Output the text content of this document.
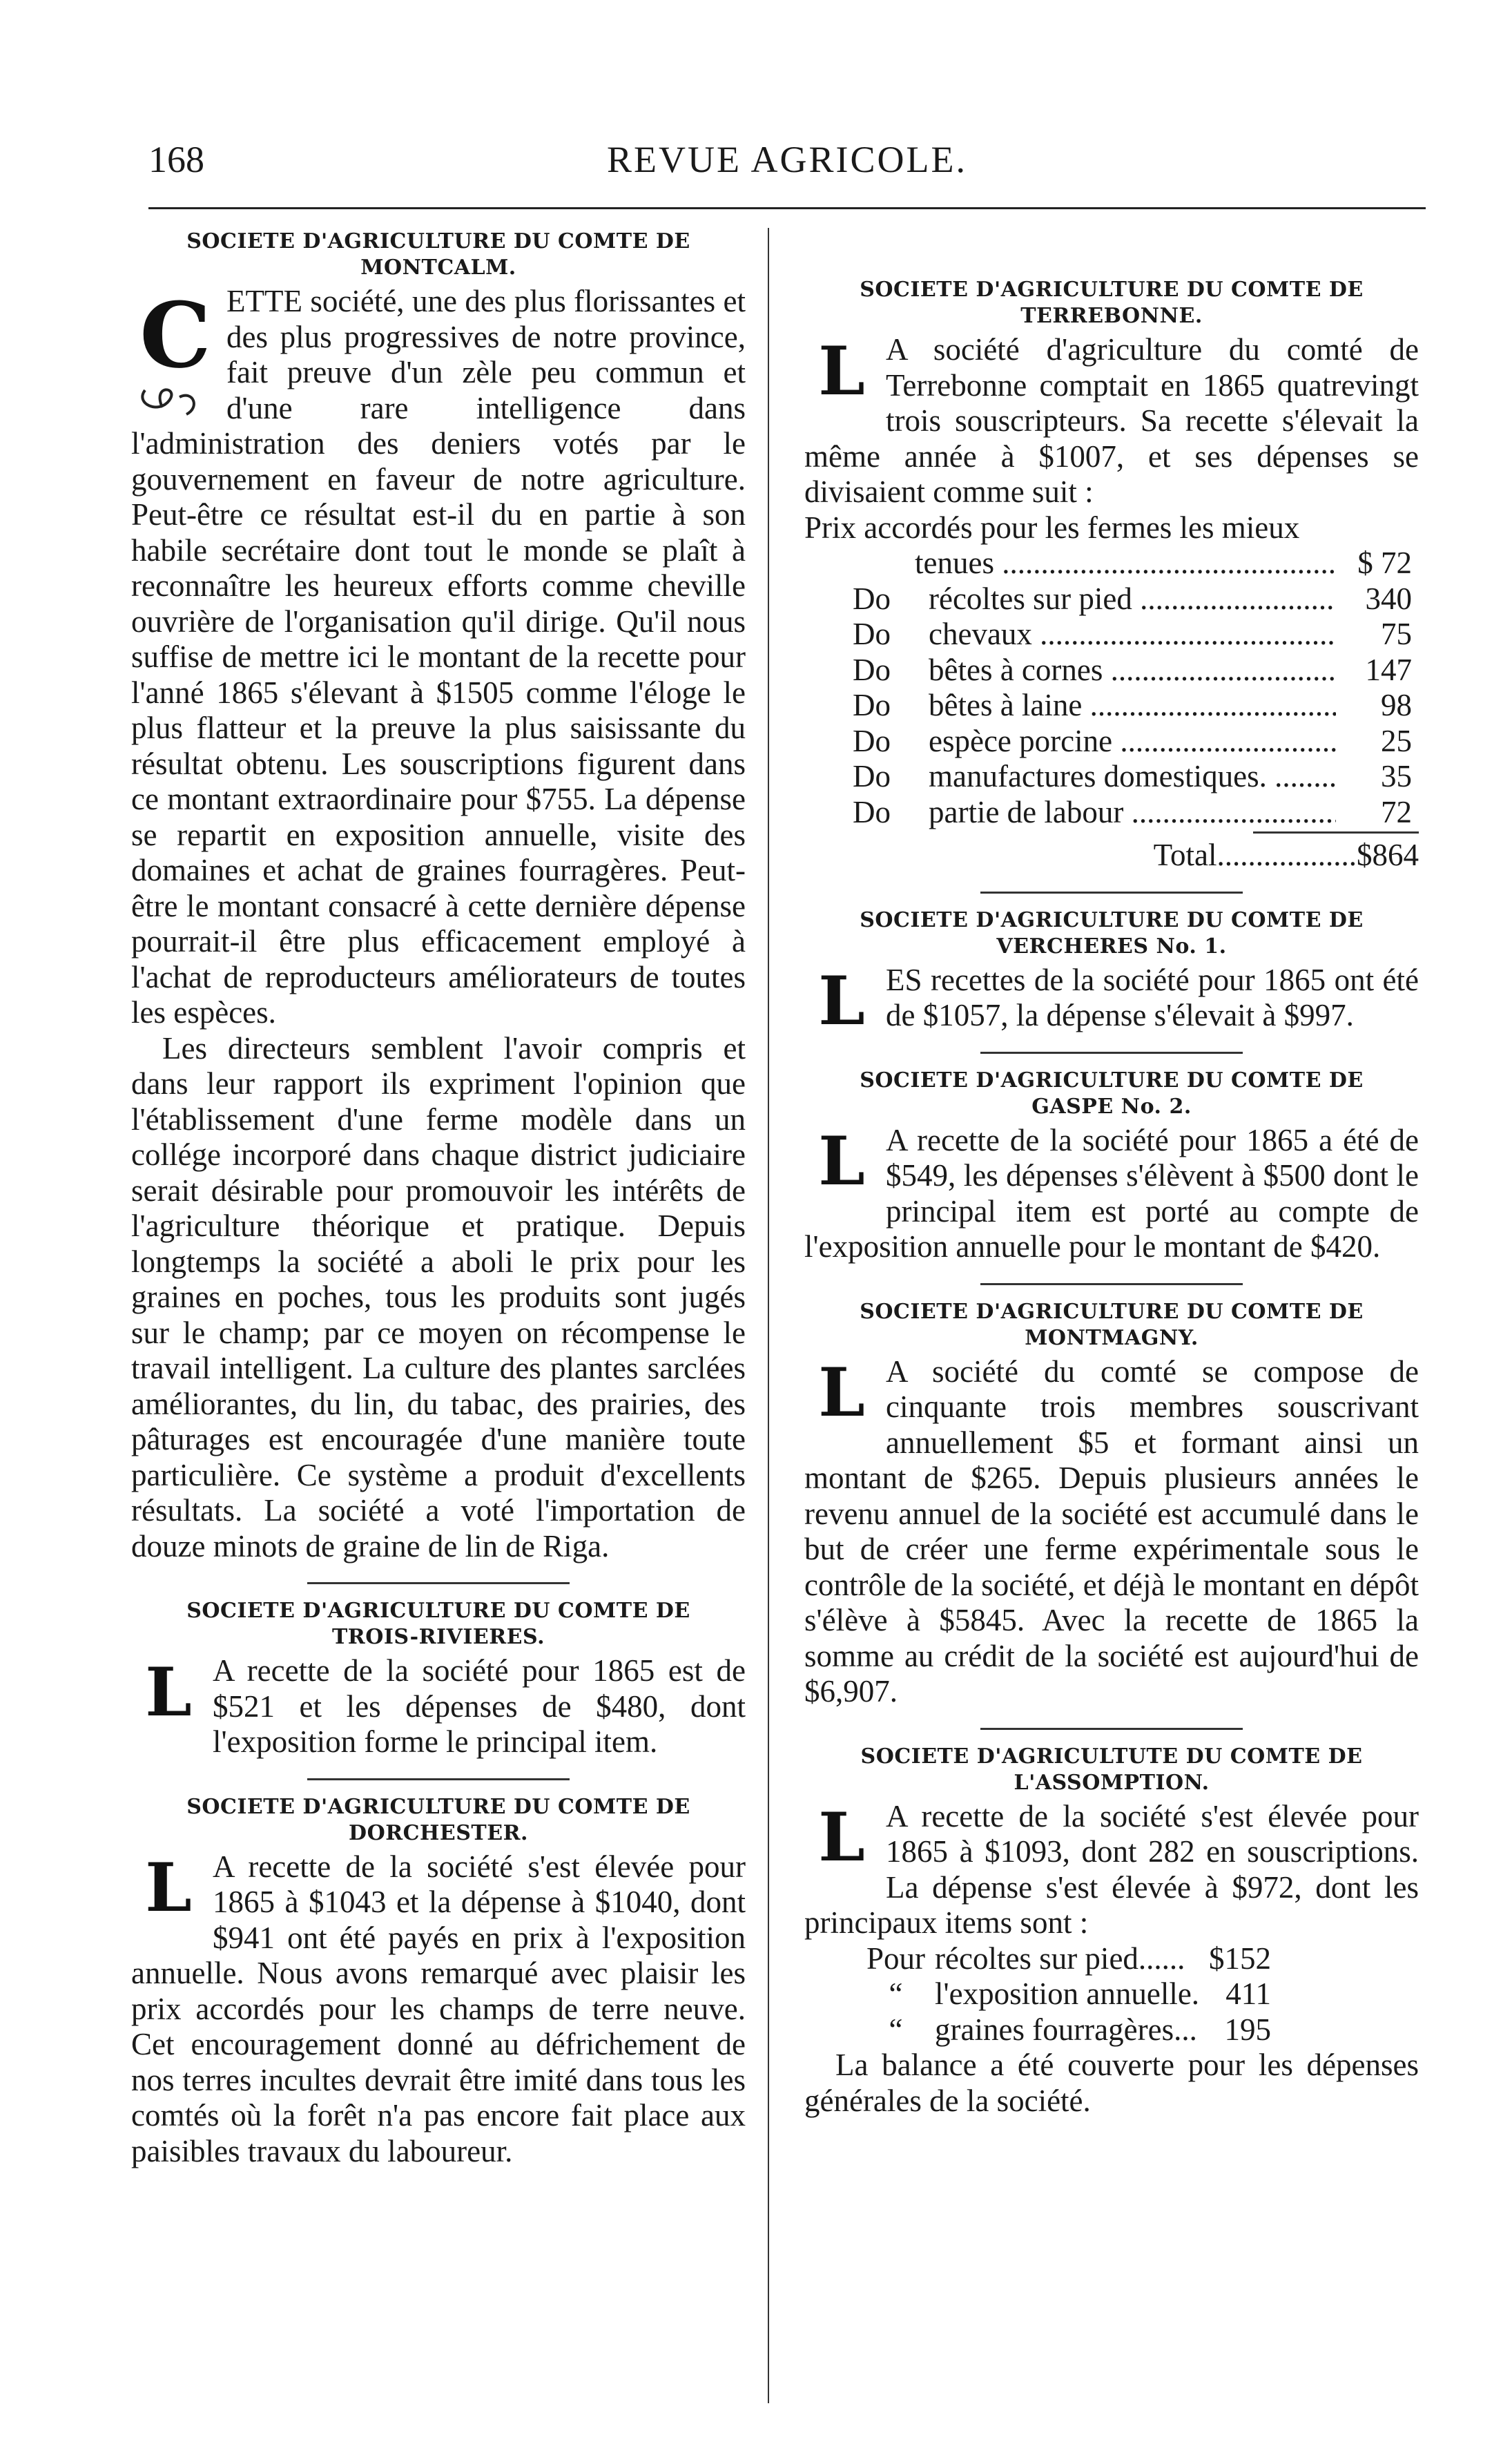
168	REVUE AGRICOLE.
SOCIETE D'AGRICULTURE DU COMTE DE
MONTCALM.
C ETTE société, une des plus florissantes et des plus progressives de notre province, fait preuve d'un zèle peu commun et d'une rare intelligence dans l'administration des deniers votés par le gouvernement en faveur de notre agriculture. Peut-être ce résultat est-il du en partie à son habile secrétaire dont tout le monde se plaît à reconnaître les heureux efforts comme cheville ouvrière de l'organisation qu'il dirige. Qu'il nous suffise de mettre ici le montant de la recette pour l'anné 1865 s'élevant à $1505 comme l'éloge le plus flatteur et la preuve la plus saisissante du résultat obtenu. Les souscriptions figurent dans ce montant extraordinaire pour $755. La dépense se repartit en exposition annuelle, visite des domaines et achat de graines fourragères. Peut-être le montant consacré à cette dernière dépense pourrait-il être plus efficacement employé à l'achat de reproducteurs améliorateurs de toutes les espèces.

Les directeurs semblent l'avoir compris et dans leur rapport ils expriment l'opinion que l'établissement d'une ferme modèle dans un collége incorporé dans chaque district judiciaire serait désirable pour promouvoir les intérêts de l'agriculture théorique et pratique. Depuis longtemps la société a aboli le prix pour les graines en poches, tous les produits sont jugés sur le champ; par ce moyen on récompense le travail intelligent. La culture des plantes sarclées améliorantes, du lin, du tabac, des prairies, des pâturages est encouragée d'une manière toute particulière. Ce système a produit d'excellents résultats. La société a voté l'importation de douze minots de graine de lin de Riga.

SOCIETE D'AGRICULTURE DU COMTE DE
TROIS-RIVIERES.
L A recette de la société pour 1865 est de $521 et les dépenses de $480, dont l'exposition forme le principal item.

SOCIETE D'AGRICULTURE DU COMTE DE
DORCHESTER.
L A recette de la société s'est élevée pour 1865 à $1043 et la dépense à $1040, dont $941 ont été payés en prix à l'exposition annuelle. Nous avons remarqué avec plaisir les prix accordés pour les champs de terre neuve. Cet encouragement donné au défrichement de nos terres incultes devrait être imité dans tous les comtés où la forêt n'a pas encore fait place aux paisibles travaux du laboureur.

SOCIETE D'AGRICULTURE DU COMTE DE
TERREBONNE.
L A société d'agriculture du comté de Terrebonne comptait en 1865 quatrevingt trois souscripteurs. Sa recette s'élevait la même année à $1007, et ses dépenses se divisaient comme suit :

Prix accordés pour les fermes les mieux

	tenues .....	$ 72
Do	récoltes sur pied .....	340
Do	chevaux .....	75
Do	bêtes à cornes .....	147
Do	bêtes à laine .....	98
Do	espèce porcine .....	25
Do	manufactures domestiques. .....	35
Do	partie de labour .....	72

Total..................$864

SOCIETE D'AGRICULTURE DU COMTE DE
VERCHERES No. 1.
L ES recettes de la société pour 1865 ont été de $1057, la dépense s'élevait à $997.

SOCIETE D'AGRICULTURE DU COMTE DE
GASPE No. 2.
L A recette de la société pour 1865 a été de $549, les dépenses s'élèvent à $500 dont le principal item est porté au compte de l'exposition annuelle pour le montant de $420.

SOCIETE D'AGRICULTURE DU COMTE DE
MONTMAGNY.
L A société du comté se compose de cinquante trois membres souscrivant annuellement $5 et formant ainsi un montant de $265. Depuis plusieurs années le revenu annuel de la société est accumulé dans le but de créer une ferme expérimentale sous le contrôle de la société, et déjà le montant en dépôt s'élève à $5845. Avec la recette de 1865 la somme au crédit de la société est aujourd'hui de $6,907.

SOCIETE D'AGRICULTUTE DU COMTE DE
L'ASSOMPTION.
L A recette de la société s'est élevée pour 1865 à $1093, dont 282 en souscriptions. La dépense s'est élevée à $972, dont les principaux items sont :

Pour	récoltes sur pied......	$152
“	l'exposition annuelle.	411
“	graines fourragères...	195

La balance a été couverte pour les dépenses générales de la société.
